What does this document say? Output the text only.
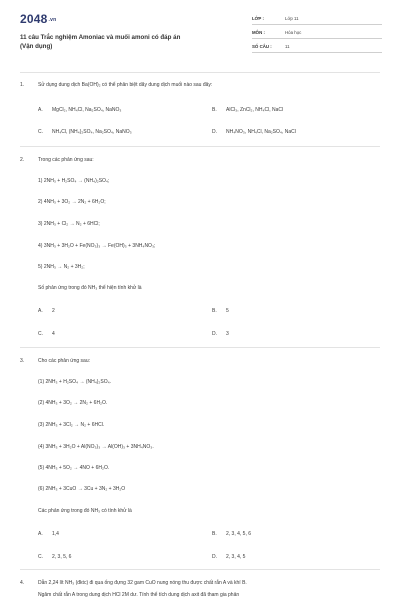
2048.vn
11 câu Trắc nghiệm Amoniac và muối amoni có đáp án
(Vận dụng)
LỚP :	Lớp 11
MÔN :	Hóa học
SỐ CÂU :	11
1.	Sử dụng dung dịch Ba(OH)₂ có thể phân biệt dãy dung dịch muối nào sau đây:
A. MgCl₂, NH₄Cl, Na₂SO₄, NaNO₃	B. AlCl₃, ZnCl₂, NH₄Cl, NaCl
C. NH₄Cl, (NH₄)₂SO₄, Na₂SO₄, NaNO₃	D. NH₄NO₃, NH₄Cl, Na₂SO₄, NaCl
2.	Trong các phản ứng sau:
1) 2NH₃ + H₂SO₄ → (NH₄)₂SO₄;
2) 4NH₃ + 3O₂ → 2N₂ + 6H₂O;
3) 2NH₃ + Cl₂ → N₂ + 6HCl;
4) 3NH₃ + 3H₂O + Fe(NO₃)₃ → Fe(OH)₃ + 3NH₄NO₃;
5) 2NH₃ → N₂ + 3H₂;
Số phản ứng trong đó NH₃ thể hiện tính khử là
A. 2	B. 5
C. 4	D. 3
3.	Cho các phản ứng sau:
(1) 2NH₃ + H₂SO₄ → (NH₄)₂SO₄.
(2) 4NH₃ + 3O₂ → 2N₂ + 6H₂O.
(3) 2NH₃ + 3Cl₂ → N₂ + 6HCl.
(4) 3NH₃ + 3H₂O + Al(NO₃)₃ → Al(OH)₃ + 3NH₄NO₃.
(5) 4NH₃ + 5O₂ → 4NO + 6H₂O.
(6) 2NH₃ + 3CuO → 3Cu + 3N₂ + 3H₂O
Các phản ứng trong đó NH₃ có tính khử là
A. 1,4	B. 2, 3, 4, 5, 6
C. 2, 3, 5, 6	D. 2, 3, 4, 5
4.	Dẫn 2,24 lít NH₃ (đktc) đi qua ống đựng 32 gam CuO nung nóng thu được chất rắn A và khí B.
Ngâm chất rắn A trong dung dịch HCl 2M dư. Tính thể tích dung dịch axit đã tham gia phản
